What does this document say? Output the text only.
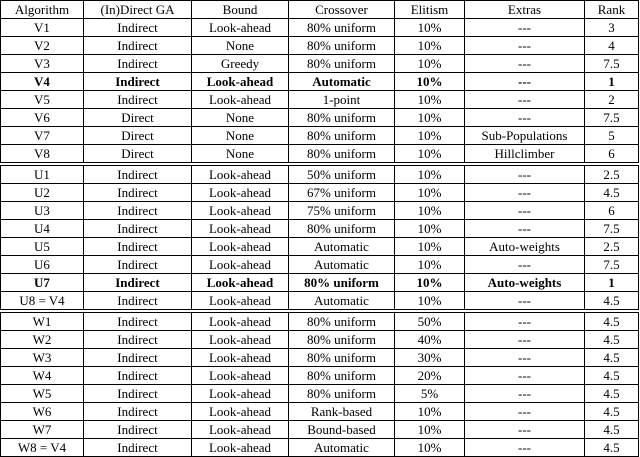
Algorithm	(In)Direct GA	Bound	Crossover	Elitism	Extras	Rank
V1	Indirect	Look-ahead	80% uniform	10%	---	3
V2	Indirect	None	80% uniform	10%	---	4
V3	Indirect	Greedy	80% uniform	10%	---	7.5
V4	Indirect	Look-ahead	Automatic	10%	---	1
V5	Indirect	Look-ahead	1-point	10%	---	2
V6	Direct	None	80% uniform	10%	---	7.5
V7	Direct	None	80% uniform	10%	Sub-Populations	5
V8	Direct	None	80% uniform	10%	Hillclimber	6
U1	Indirect	Look-ahead	50% uniform	10%	---	2.5
U2	Indirect	Look-ahead	67% uniform	10%	---	4.5
U3	Indirect	Look-ahead	75% uniform	10%	---	6
U4	Indirect	Look-ahead	80% uniform	10%	---	7.5
U5	Indirect	Look-ahead	Automatic	10%	Auto-weights	2.5
U6	Indirect	Look-ahead	Automatic	10%	---	7.5
U7	Indirect	Look-ahead	80% uniform	10%	Auto-weights	1
U8 = V4	Indirect	Look-ahead	Automatic	10%	---	4.5
W1	Indirect	Look-ahead	80% uniform	50%	---	4.5
W2	Indirect	Look-ahead	80% uniform	40%	---	4.5
W3	Indirect	Look-ahead	80% uniform	30%	---	4.5
W4	Indirect	Look-ahead	80% uniform	20%	---	4.5
W5	Indirect	Look-ahead	80% uniform	5%	---	4.5
W6	Indirect	Look-ahead	Rank-based	10%	---	4.5
W7	Indirect	Look-ahead	Bound-based	10%	---	4.5
W8 = V4	Indirect	Look-ahead	Automatic	10%	---	4.5
